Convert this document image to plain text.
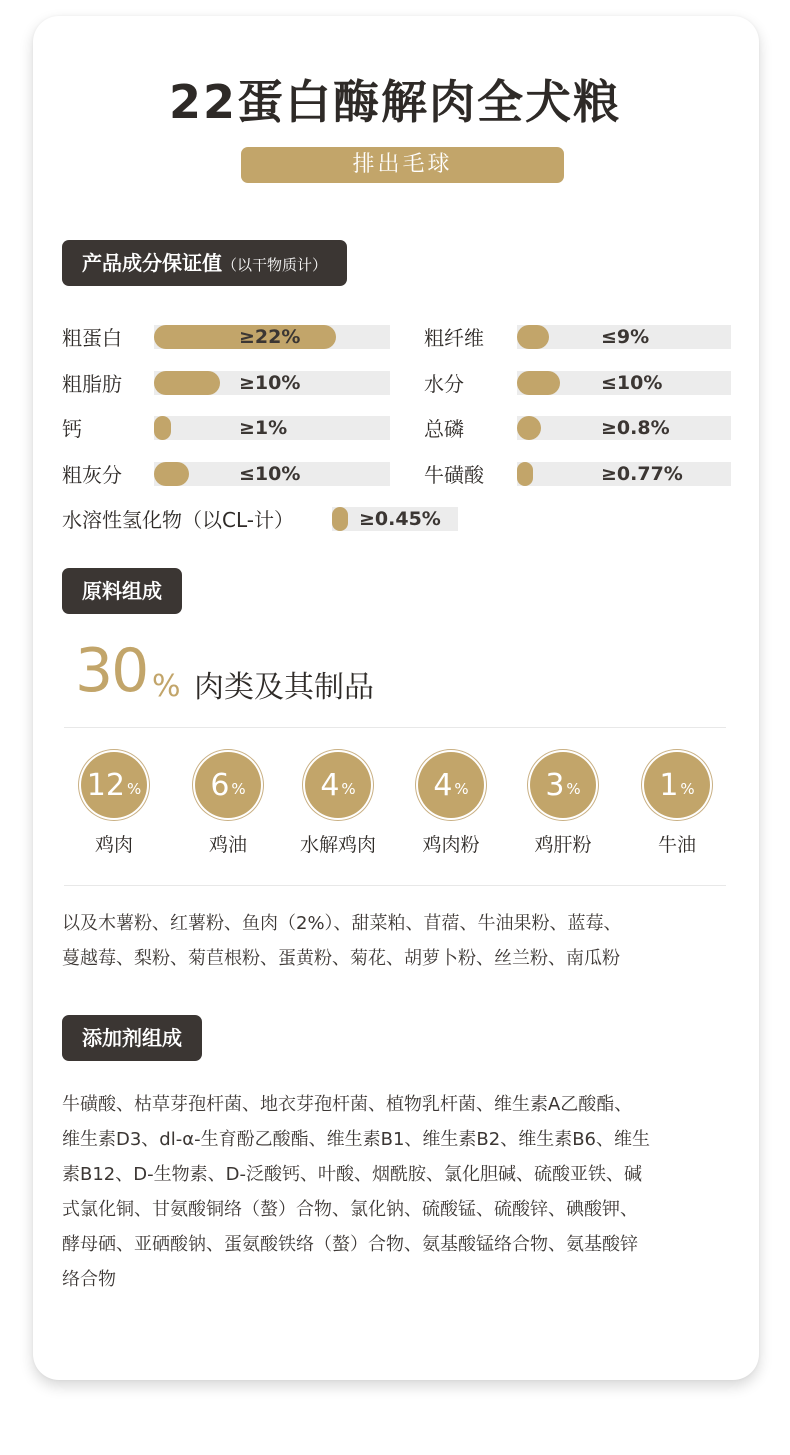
22蛋白酶解肉全犬粮
排出毛球
产品成分保证值（以干物质计）
粗蛋白	≥22%	粗纤维	≤9%
粗脂肪	≥10%	水分	≤10%
钙	≥1%	总磷	≥0.8%
粗灰分	≤10%	牛磺酸	≥0.77%
水溶性氢化物（以CL-计）	≥0.45%
原料组成
30 % 肉类及其制品
12 %
鸡肉
6 %
鸡油
4 %
水解鸡肉
4 %
鸡肉粉
3 %
鸡肝粉
1 %
牛油
以及木薯粉、红薯粉、鱼肉（2%）、甜菜粕、苜蓿、牛油果粉、蓝莓、
蔓越莓、梨粉、菊苣根粉、蛋黄粉、菊花、胡萝卜粉、丝兰粉、南瓜粉
添加剂组成
牛磺酸、枯草芽孢杆菌、地衣芽孢杆菌、植物乳杆菌、维生素A乙酸酯、
维生素D3、dl-α-生育酚乙酸酯、维生素B1、维生素B2、维生素B6、维生
素B12、D-生物素、D-泛酸钙、叶酸、烟酰胺、氯化胆碱、硫酸亚铁、碱
式氯化铜、甘氨酸铜络（螯）合物、氯化钠、硫酸锰、硫酸锌、碘酸钾、
酵母硒、亚硒酸钠、蛋氨酸铁络（螯）合物、氨基酸锰络合物、氨基酸锌
络合物
